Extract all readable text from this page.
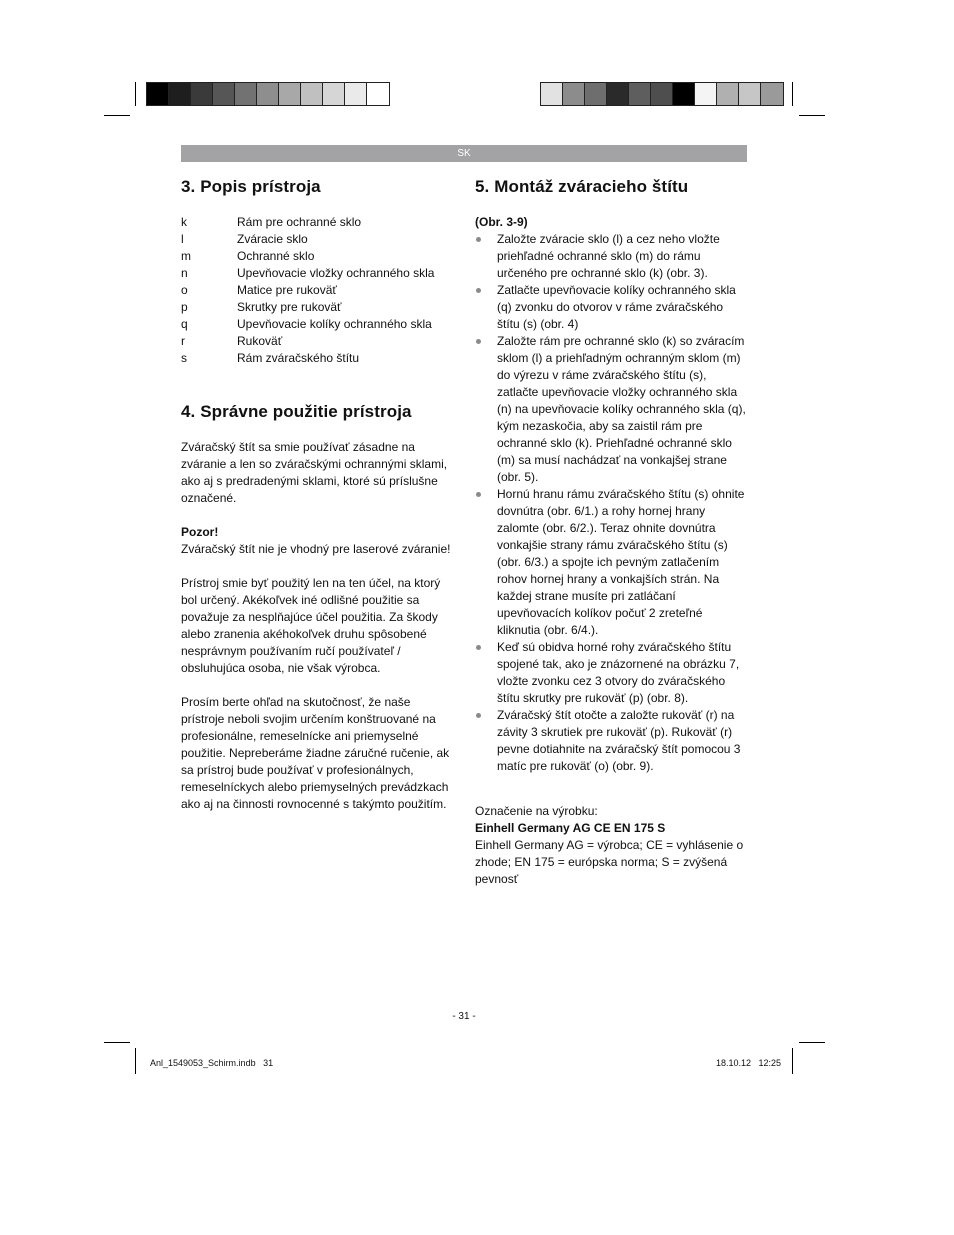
SK
3. Popis prístroja
k	Rám pre ochranné sklo
l	Zváracie sklo
m	Ochranné sklo
n	Upevňovacie vložky ochranného skla
o	Matice pre rukoväť
p	Skrutky pre rukoväť
q	Upevňovacie kolíky ochranného skla
r	Rukoväť
s	Rám zváračského štítu
4. Správne použitie prístroja

Zváračský štít sa smie používať zásadne na zváranie a len so zváračskými ochrannými sklami, ako aj s predradenými sklami, ktoré sú príslušne označené.

Pozor!

Zváračský štít nie je vhodný pre laserové zváranie!

Prístroj smie byť použitý len na ten účel, na ktorý bol určený. Akékoľvek iné odlišné použitie sa považuje za nesplňajúce účel použitia. Za škody alebo zranenia akéhokoľvek druhu spôsobené nesprávnym používaním ručí používateľ / obsluhujúca osoba, nie však výrobca.

Prosím berte ohľad na skutočnosť, že naše prístroje neboli svojim určením konštruované na profesionálne, remeselnícke ani priemyselné použitie. Nepreberáme žiadne záručné ručenie, ak sa prístroj bude používať v profesionálnych, remeselníckych alebo priemyselných prevádzkach ako aj na činnosti rovnocenné s takýmto použitím.

5. Montáž zváracieho štítu

(Obr. 3-9)

Založte zváracie sklo (l) a cez neho vložte priehľadné ochranné sklo (m) do rámu určeného pre ochranné sklo (k) (obr. 3).
Zatlačte upevňovacie kolíky ochranného skla (q) zvonku do otvorov v ráme zváračského štítu (s) (obr. 4)
Založte rám pre ochranné sklo (k) so zváracím sklom (l) a priehľadným ochranným sklom (m) do výrezu v ráme zváračského štítu (s), zatlačte upevňovacie vložky ochranného skla (n) na upevňovacie kolíky ochranného skla (q), kým nezaskočia, aby sa zaistil rám pre ochranné sklo (k). Priehľadné ochranné sklo (m) sa musí nachádzať na vonkajšej strane (obr. 5).
Hornú hranu rámu zváračského štítu (s) ohnite dovnútra (obr. 6/1.) a rohy hornej hrany zalomte (obr. 6/2.). Teraz ohnite dovnútra vonkajšie strany rámu zváračského štítu (s) (obr. 6/3.) a spojte ich pevným zatlačením rohov hornej hrany a vonkajších strán. Na každej strane musíte pri zatláčaní upevňovacích kolíkov počuť 2 zreteľné kliknutia (obr. 6/4.).
Keď sú obidva horné rohy zváračského štítu spojené tak, ako je znázornené na obrázku 7, vložte zvonku cez 3 otvory do zváračského štítu skrutky pre rukoväť (p) (obr. 8).
Zváračský štít otočte a založte rukoväť (r) na závity 3 skrutiek pre rukoväť (p). Rukoväť (r) pevne dotiahnite na zváračský štít pomocou 3 matíc pre rukoväť (o) (obr. 9).

Označenie na výrobku:

Einhell Germany AG CE EN 175 S

Einhell Germany AG = výrobca; CE = vyhlásenie o zhode; EN 175 = európska norma; S = zvýšená pevnosť

- 31 -
Anl_1549053_Schirm.indb   31	18.10.12   12:25
